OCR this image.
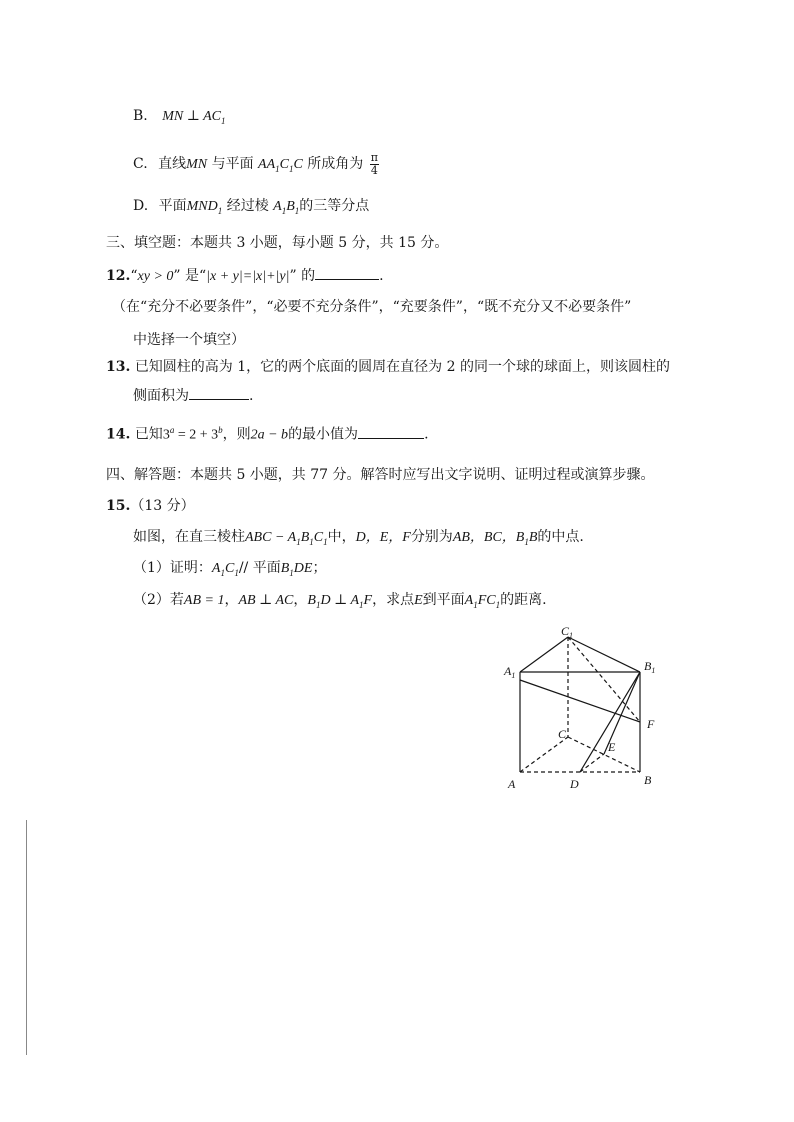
B. MN ⊥ $AC_1$
C. 直线MN 与平面 $AA_1C_1C$ 所成角为 $\frac{\pi}{4}$
D. 平面$MND_1$ 经过棱 $A_1B_1$的三等分点
三、填空题：本题共 3 小题，每小题 5 分，共 15 分。
12.“xy > 0” 是“|x + y|=|x|+|y|” 的	.
（在“充分不必要条件”，“必要不充分条件”，“充要条件”，“既不充分又不必要条件”
中选择一个填空）
13. 已知圆柱的高为 1，它的两个底面的圆周在直径为 2 的同一个球的球面上，则该圆柱的
侧面积为	.
14. 已知$3^a = 2 + 3^b$，则2a − b的最小值为	.
四、解答题：本题共 5 小题，共 77 分。解答时应写出文字说明、证明过程或演算步骤。
15.（13 分）
如图，在直三棱柱ABC − $A_1B_1C_1$中，D，E，F分别为AB，BC，$B_1B$的中点.
（1）证明：$A_1C_1//$ 平面$B_1DE$；
（2）若AB = 1，AB ⊥ AC，$B_1D$ ⊥ $A_1F$，求点E到平面$A_1FC_1$的距离.
$C_1$
$A_1$
$B_1$
C
E
F
A	D	B
